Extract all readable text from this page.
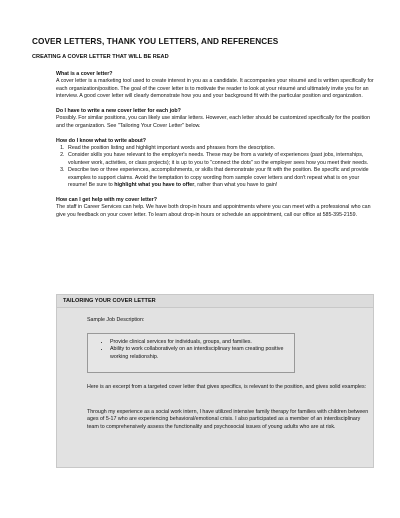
COVER LETTERS, THANK YOU LETTERS, AND REFERENCES
CREATING A COVER LETTER THAT WILL BE READ

What is a cover letter?

A cover letter is a marketing tool used to create interest in you as a candidate. It accompanies your résumé and is written specifically for each organization/position. The goal of the cover letter is to motivate the reader to look at your résumé and ultimately invite you for an interview. A good cover letter will clearly demonstrate how you and your background fit with the particular position and organization.

Do I have to write a new cover letter for each job?

Possibly. For similar positions, you can likely use similar letters. However, each letter should be customized specifically for the position and the organization. See "Tailoring Your Cover Letter" below.

How do I know what to write about?

1. Read the position listing and highlight important words and phrases from the description.
2. Consider skills you have relevant to the employer's needs. These may be from a variety of experiences (past jobs, internships, volunteer work, activities, or class projects); it is up to you to "connect the dots" so the employer sees how you meet their needs.
3. Describe two or three experiences, accomplishments, or skills that demonstrate your fit with the position. Be specific and provide examples to support claims. Avoid the temptation to copy wording from sample cover letters and don't repeat what is on your resume! Be sure to highlight what you have to offer, rather than what you have to gain!

How can I get help with my cover letter?

The staff in Career Services can help. We have both drop-in hours and appointments where you can meet with a professional who can give you feedback on your cover letter. To learn about drop-in hours or schedule an appointment, call our office at 585-395-2159.

TAILORING YOUR COVER LETTER
Sample Job Description:
• Provide clinical services for individuals, groups, and families.
• Ability to work collaboratively on an interdisciplinary team creating positive working relationship.
Here is an excerpt from a targeted cover letter that gives specifics, is relevant to the position, and gives solid examples:
Through my experience as a social work intern, I have utilized intensive family therapy for families with children between ages of 5-17 who are experiencing behavioral/emotional crisis. I also participated as a member of an interdisciplinary team to comprehensively assess the functionality and psychosocial issues of young adults who are at risk.
